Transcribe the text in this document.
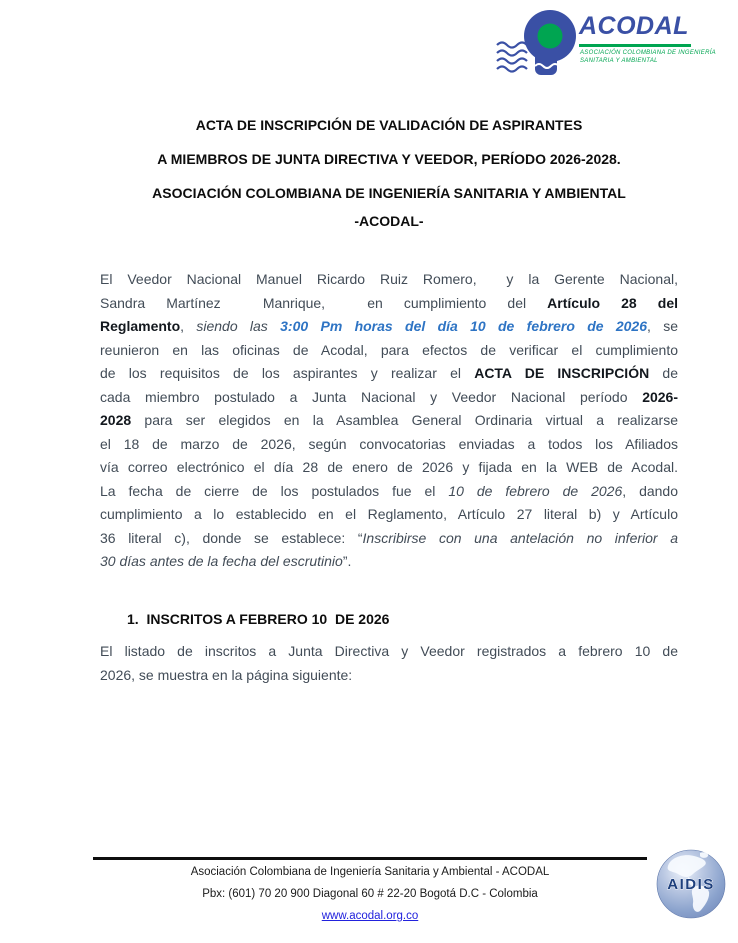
ACODAL
ASOCIACIÓN COLOMBIANA DE INGENIERÍA
SANITARIA Y AMBIENTAL
ACTA DE INSCRIPCIÓN DE VALIDACIÓN DE ASPIRANTES
A MIEMBROS DE JUNTA DIRECTIVA Y VEEDOR, PERÍODO 2026-2028.
ASOCIACIÓN COLOMBIANA DE INGENIERÍA SANITARIA Y AMBIENTAL
-ACODAL-
El Veedor Nacional Manuel Ricardo Ruiz Romero,  y la Gerente Nacional,
Sandra Martínez  Manrique,  en cumplimiento del Artículo 28 del
Reglamento, siendo las 3:00 Pm horas del día 10 de febrero de 2026, se
reunieron en las oficinas de Acodal, para efectos de verificar el cumplimiento
de los requisitos de los aspirantes y realizar el ACTA DE INSCRIPCIÓN de
cada miembro postulado a Junta Nacional y Veedor Nacional período 2026-
2028 para ser elegidos en la Asamblea General Ordinaria virtual a realizarse
el 18 de marzo de 2026, según convocatorias enviadas a todos los Afiliados
vía correo electrónico el día 28 de enero de 2026 y fijada en la WEB de Acodal.
La fecha de cierre de los postulados fue el 10 de febrero de 2026, dando
cumplimiento a lo establecido en el Reglamento, Artículo 27 literal b) y Artículo
36 literal c), donde se establece: “Inscribirse con una antelación no inferior a
30 días antes de la fecha del escrutinio”.
1.  INSCRITOS A FEBRERO 10  DE 2026
El listado de inscritos a Junta Directiva y Veedor registrados a febrero 10 de
2026, se muestra en la página siguiente:
Asociación Colombiana de Ingeniería Sanitaria y Ambiental - ACODAL
Pbx: (601) 70 20 900 Diagonal 60 # 22-20 Bogotá D.C - Colombia
www.acodal.org.co
AIDIS
